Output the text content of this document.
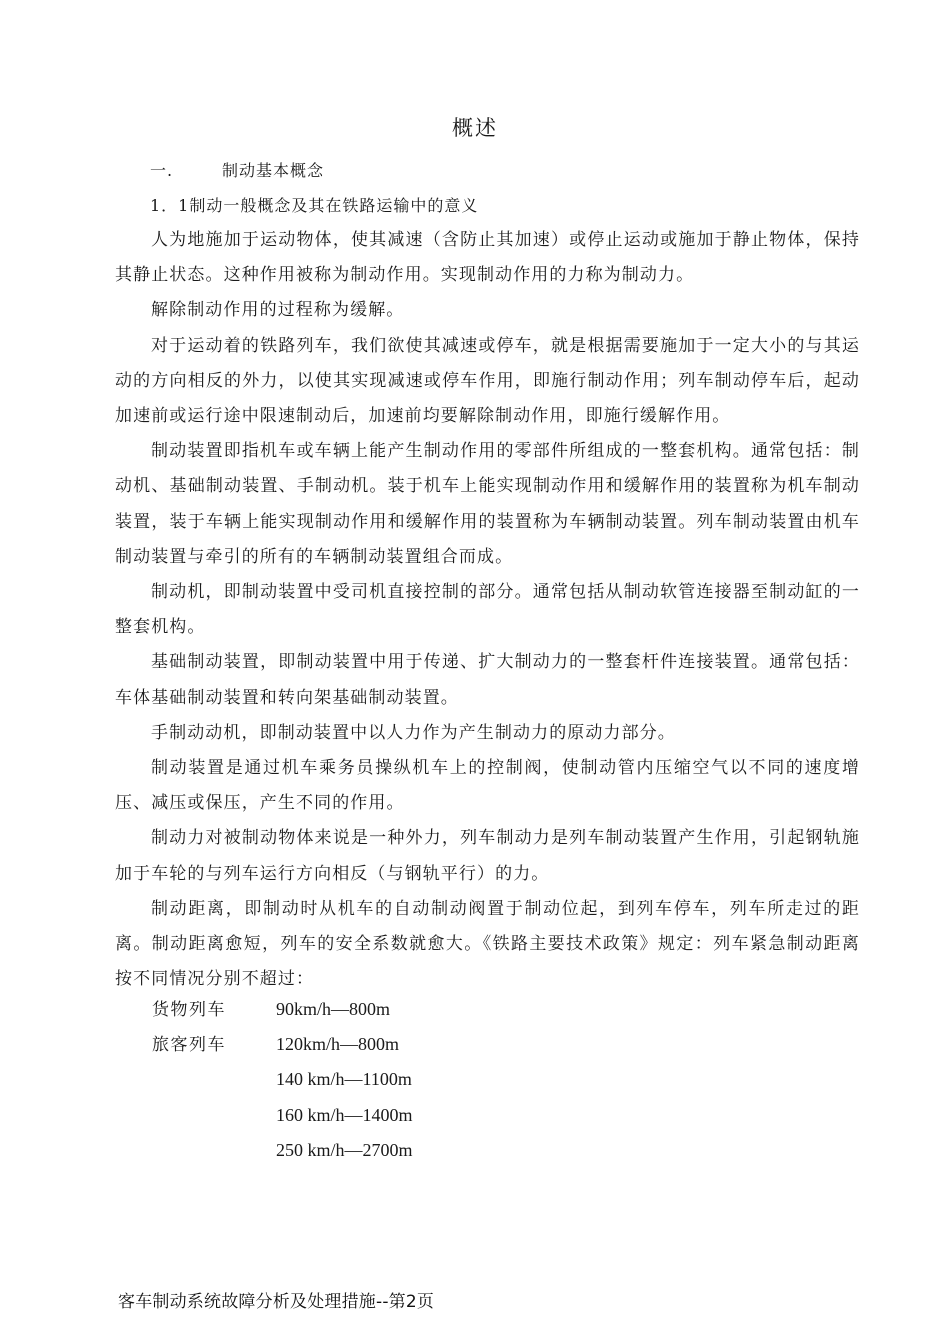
概述
一.	制动基本概念
1．1制动一般概念及其在铁路运输中的意义

人为地施加于运动物体，使其减速（含防止其加速）或停止运动或施加于静止物体，保持其静止状态。这种作用被称为制动作用。实现制动作用的力称为制动力。

解除制动作用的过程称为缓解。

对于运动着的铁路列车，我们欲使其减速或停车，就是根据需要施加于一定大小的与其运动的方向相反的外力，以使其实现减速或停车作用，即施行制动作用；列车制动停车后，起动加速前或运行途中限速制动后，加速前均要解除制动作用，即施行缓解作用。

制动装置即指机车或车辆上能产生制动作用的零部件所组成的一整套机构。通常包括：制动机、基础制动装置、手制动机。装于机车上能实现制动作用和缓解作用的装置称为机车制动装置，装于车辆上能实现制动作用和缓解作用的装置称为车辆制动装置。列车制动装置由机车制动装置与牵引的所有的车辆制动装置组合而成。

制动机，即制动装置中受司机直接控制的部分。通常包括从制动软管连接器至制动缸的一整套机构。

基础制动装置，即制动装置中用于传递、扩大制动力的一整套杆件连接装置。通常包括：车体基础制动装置和转向架基础制动装置。

手制动动机，即制动装置中以人力作为产生制动力的原动力部分。

制动装置是通过机车乘务员操纵机车上的控制阀，使制动管内压缩空气以不同的速度增压、减压或保压，产生不同的作用。

制动力对被制动物体来说是一种外力，列车制动力是列车制动装置产生作用，引起钢轨施加于车轮的与列车运行方向相反（与钢轨平行）的力。

制动距离，即制动时从机车的自动制动阀置于制动位起，到列车停车，列车所走过的距离。制动距离愈短，列车的安全系数就愈大。《铁路主要技术政策》规定：列车紧急制动距离按不同情况分别不超过：

货物列车	90km/h—800m
旅客列车	120km/h—800m
140 km/h—1100m
160 km/h—1400m
250 km/h—2700m
客车制动系统故障分析及处理措施--第2页
